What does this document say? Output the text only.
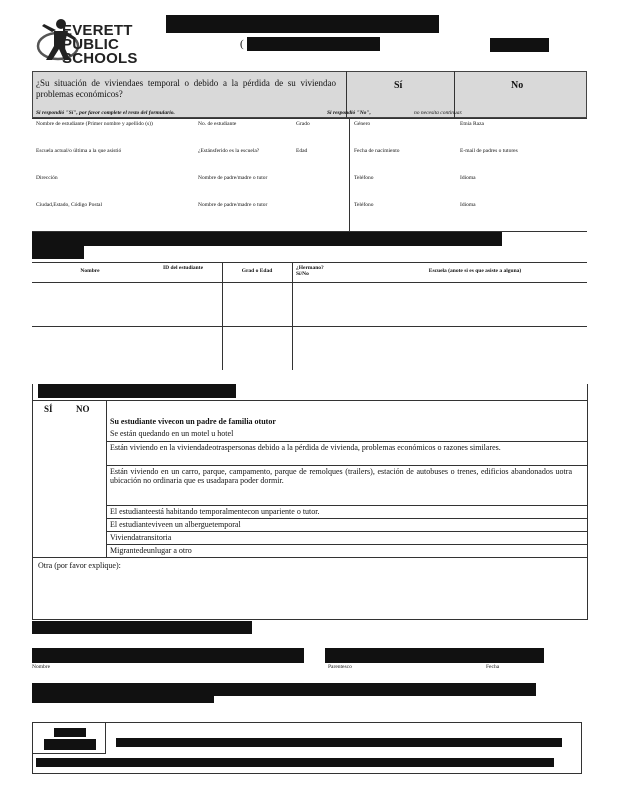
EVERETT
PUBLIC
SCHOOLS
(
¿Su situación de viviendaes temporal o debido a la pérdida de su viviendao problemas económicos?
Sí	No
Si respondió "Sí", por favor complete el resto del formulario.	Si respondió "No",	no necesita continuar.
Nombre de estudiante (Primer nombre y apellido (s))	No. de estudiante	Grado	Género	Etnia Raza
Escuela actual/o última a la que asistió	¿Estánsferido es la escuela?	Edad	Fecha de nacimiento	E-mail de padres o tutores
Dirección	Nombre de padre/madre o tutor	Teléfono	Idioma
Ciudad,Estado, Código Postal	Nombre de padre/madre o tutor	Teléfono	Idioma
Nombre	ID del estudiante	Grad o Edad	¿Hermano? Sí/No
Escuela (anote si es que asiste a alguna)
SÍ	NO
Su estudiante vivecon un padre de familia otutor
Se están quedando en un motel u hotel
Están viviendo en la viviendadeotraspersonas debido a la pérdida de vivienda, problemas económicos o razones similares.
Están viviendo en un carro, parque, campamento, parque de remolques (trailers), estación de autobuses o trenes, edificios abandonados uotra ubicación no ordinaria que es usadapara poder dormir.
El estudianteestá habitando temporalmentecon unpariente o tutor.
El estudianteviveen un alberguetemporal
Viviendatransitoria
Migrantedeunlugar a otro
Otra (por favor explique):
Nombre	Parentesco	Fecha
